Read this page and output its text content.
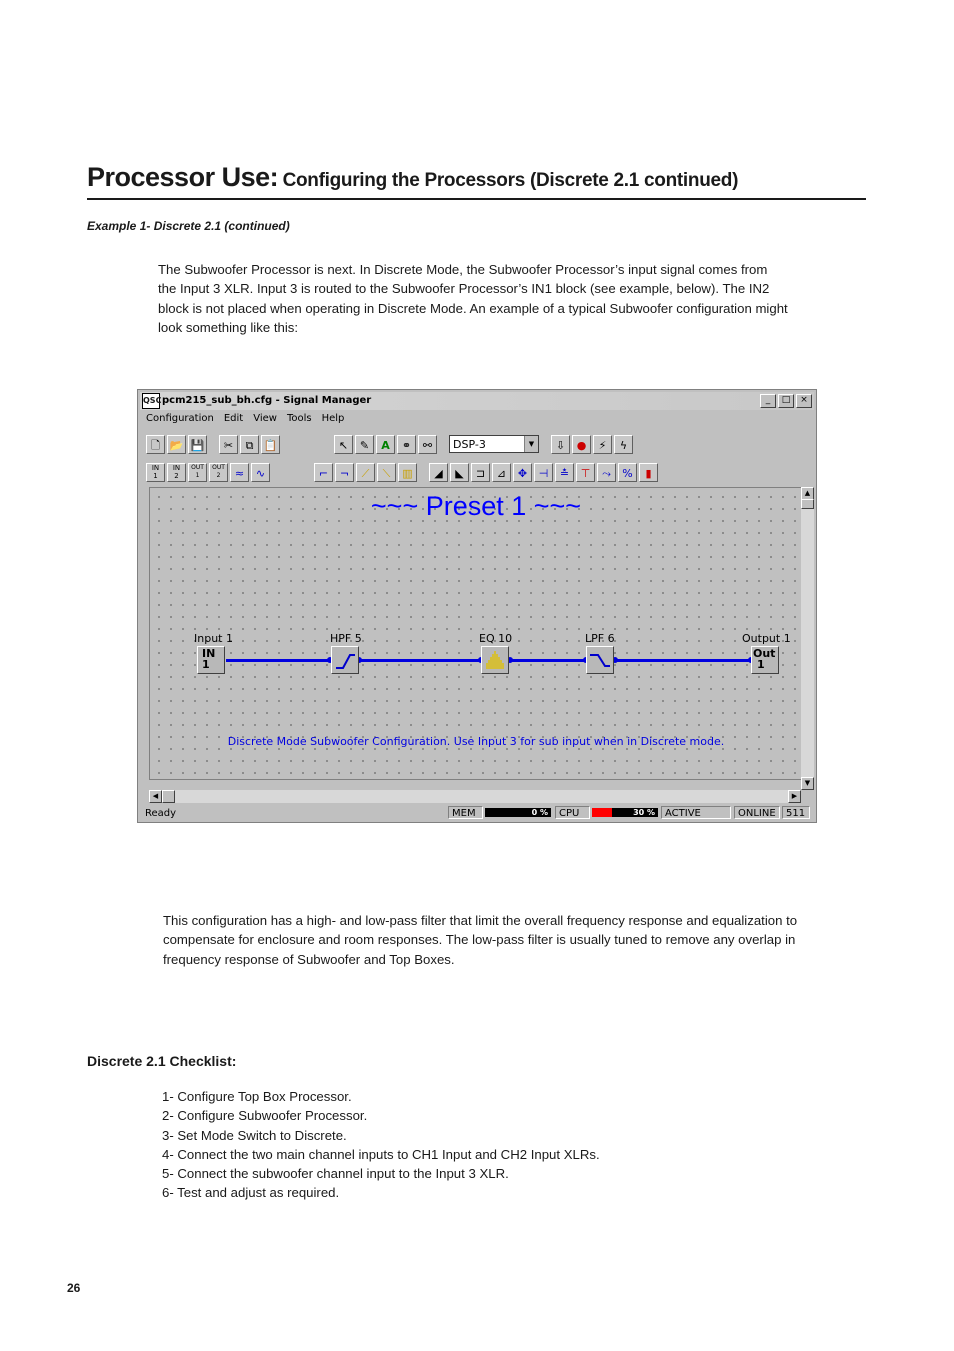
Processor Use: Configuring the Processors (Discrete 2.1 continued)
Example 1- Discrete 2.1 (continued)
The Subwoofer Processor is next. In Discrete Mode, the Subwoofer Processor’s input signal comes from the Input 3 XLR. Input 3 is routed to the Subwoofer Processor’s IN1 block (see example, below). The IN2 block is not placed when operating in Discrete Mode. An example of a typical Subwoofer configuration might look something like this:
QSC pcm215_sub_bh.cfg - Signal Manager	_	□	×
Configuration Edit View Tools Help
🗋 📂 💾	✂	⧉ 📋	↖	✎	A	⚭	⚯	DSP-3	▼	⇩	●	⚡	ϟ
IN
1
IN
2
OUT
1
OUT
2	≈	∿	⌐	¬	⟋	⟍	▥	◢	◣	⊐	⊿	✥	⊣	≛	⊤	⤳	%	▮
~~~ Preset 1 ~~~
Input 1	HPF 5	EQ 10	LPF 6	Output 1
IN
1
Out
1
Discrete Mode Subwoofer Configuration. Use Input 3 for sub input when in Discrete mode.
▲
▼
◀	▶
Ready	MEM	0 %	CPU	30 %	ACTIVE	ONLINE	511
This configuration has a high- and low-pass filter that limit the overall frequency response and equalization to compensate for enclosure and room responses. The low-pass filter is usually tuned to remove any overlap in frequency response of Subwoofer and Top Boxes.
Discrete 2.1 Checklist:
1- Configure Top Box Processor.
2- Configure Subwoofer Processor.
3- Set Mode Switch to Discrete.
4- Connect the two main channel inputs to CH1 Input and CH2 Input XLRs.
5- Connect the subwoofer channel input to the Input 3 XLR.
6- Test and adjust as required.
26
